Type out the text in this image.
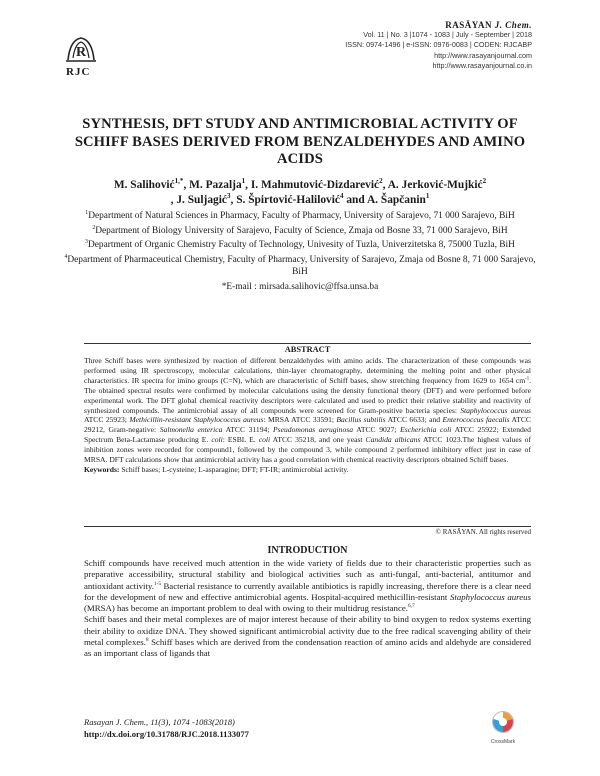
R
RJC
RASĀYAN J. Chem.
Vol. 11 | No. 3 |1074 - 1083 | July - September | 2018
ISSN: 0974-1496 | e-ISSN: 0976-0083 | CODEN: RJCABP
http://www.rasayanjournal.com
http://www.rasayanjournal.co.in
SYNTHESIS, DFT STUDY AND ANTIMICROBIAL ACTIVITY OF SCHIFF BASES DERIVED FROM BENZALDEHYDES AND AMINO ACIDS
M. Salihović$^{1,*}$, M. Pazalja$^1$, I. Mahmutović-Dizdarević$^2$, A. Jerković-Mujkić$^2$
, J. Suljagić$^3$, S. Špirtović-Halilović$^4$ and A. Šapčanin$^1$

$^1$Department of Natural Sciences in Pharmacy, Faculty of Pharmacy, University of Sarajevo, 71 000 Sarajevo, BiH

$^2$Department of Biology University of Sarajevo, Faculty of Science, Zmaja od Bosne 33, 71 000 Sarajevo, BiH

$^3$Department of Organic Chemistry Faculty of Technology, Univesity of Tuzla, Univerzitetska 8, 75000 Tuzla, BiH

$^4$Department of Pharmaceutical Chemistry, Faculty of Pharmacy, University of Sarajevo, Zmaja od Bosne 8, 71 000 Sarajevo, BiH

*E-mail : mirsada.salihovic@ffsa.unsa.ba

ABSTRACT

Three Schiff bases were synthesized by reaction of different benzaldehydes with amino acids. The characterization of these compounds was performed using IR spectroscopy, molecular calculations, thin-layer chromatography, determining the melting point and other physical characteristics. IR spectra for imino groups (C=N), which are characteristic of Schiff bases, show stretching frequency from 1629 to 1654 $cm^{-1}$. The obtained spectral results were confirmed by molecular calculations using the density functional theory (DFT) and were performed before experimental work. The DFT global chemical reactivity descriptors were calculated and used to predict their relative stability and reactivity of synthesized compounds. The antimicrobial assay of all compounds were screened for Gram-positive bacteria species: Staphylococcus aureus ATCC 25923; Methicillin-resistant Staphylococcus aureus: MRSA ATCC 33591; Bacillus subtilis ATCC 6633; and Enterococcus faecalis ATCC 29212, Gram-negative: Salmonella enterica ATCC 31194; Pseudomonas aeruginosa ATCC 9027; Escherichia coli ATCC 25922; Extended Spectrum Beta-Lactamase producing E. coli: ESBL E. coli ATCC 35218, and one yeast Candida albicans ATCC 1023.The highest values of inhibition zones were recorded for compound1, followed by the compound 3, while compound 2 performed inhibitory effect just in case of MRSA. DFT calculations show that antimicrobial activity has a good correlation with chemical reactivity descriptors obtained Schiff bases.

Keywords: Schiff bases; L-cysteine; L-asparagine; DFT; FT-IR; antimicrobial activity.

© RASĀYAN. All rights reserved
INTRODUCTION

Schiff compounds have received much attention in the wide variety of fields due to their characteristic properties such as preparative accessibility, structural stability and biological activities such as anti-fungal, anti-bacterial, antitumor and antioxidant activity.$^{1-5}$ Bacterial resistance to currently available antibiotics is rapidly increasing, therefore there is a clear need for the development of new and effective antimicrobial agents. Hospital-acquired methicillin-resistant Staphylococcus aureus (MRSA) has become an important problem to deal with owing to their multidrug resistance.$^{6,7}$

Schiff bases and their metal complexes are of major interest because of their ability to bind oxygen to redox systems exerting their ability to oxidize DNA. They showed significant antimicrobial activity due to the free radical scavenging ability of their metal complexes.$^8$ Schiff bases which are derived from the condensation reaction of amino acids and aldehyde are considered as an important class of ligands that

Rasayan J. Chem., 11(3), 1074 -1083(2018)
http://dx.doi.org/10.31788/RJC.2018.1133077
CrossMark
